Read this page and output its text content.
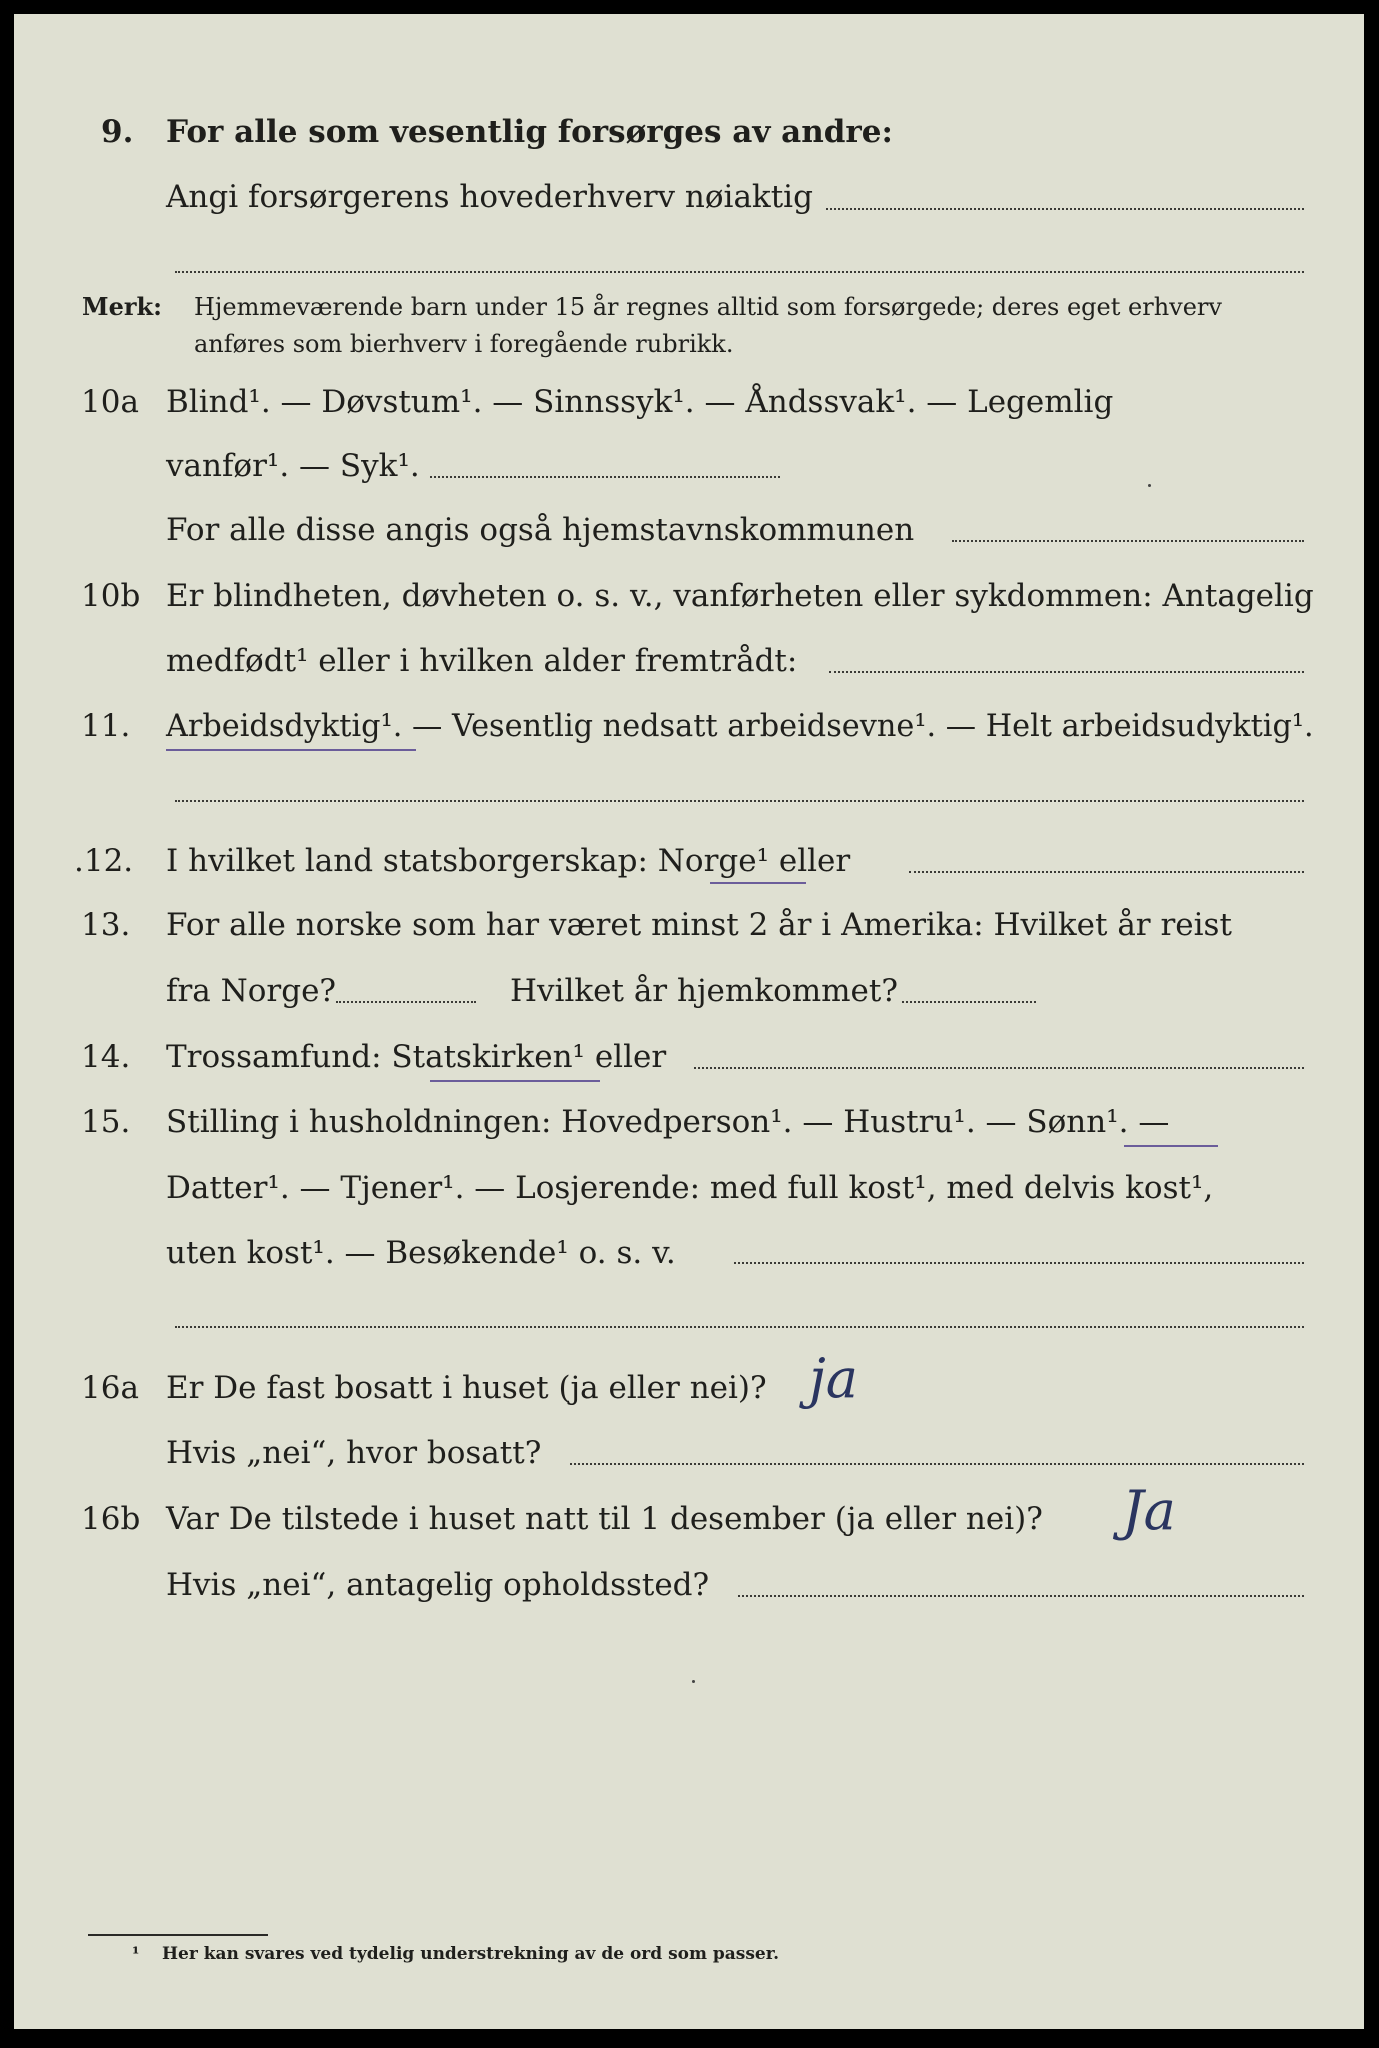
9. For alle som vesentlig forsørges av andre:
Angi forsørgerens hovederhverv nøiaktig
Merk: Hjemmeværende barn under 15 år regnes alltid som forsørgede; deres eget erhverv
anføres som bierhverv i foregående rubrikk.
10a Blind¹. — Døvstum¹. — Sinnssyk¹. — Åndssvak¹. — Legemlig
vanfør¹. — Syk¹.
For alle disse angis også hjemstavnskommunen
10b Er blindheten, døvheten o. s. v., vanførheten eller sykdommen: Antagelig
medfødt¹ eller i hvilken alder fremtrådt:
11. Arbeidsdyktig¹. — Vesentlig nedsatt arbeidsevne¹. — Helt arbeidsudyktig¹.
.12. I hvilket land statsborgerskap: Norge¹ eller
13. For alle norske som har været minst 2 år i Amerika: Hvilket år reist
fra Norge?	Hvilket år hjemkommet?
14. Trossamfund: Statskirken¹ eller
15. Stilling i husholdningen: Hovedperson¹. — Hustru¹. — Sønn¹. —
Datter¹. — Tjener¹. — Losjerende: med full kost¹, med delvis kost¹,
uten kost¹. — Besøkende¹ o. s. v.
16a Er De fast bosatt i huset (ja eller nei)? ja
Hvis „nei“, hvor bosatt?
16b Var De tilstede i huset natt til 1 desember (ja eller nei)? Ja
Hvis „nei“, antagelig opholdssted?
¹ Her kan svares ved tydelig understrekning av de ord som passer.
